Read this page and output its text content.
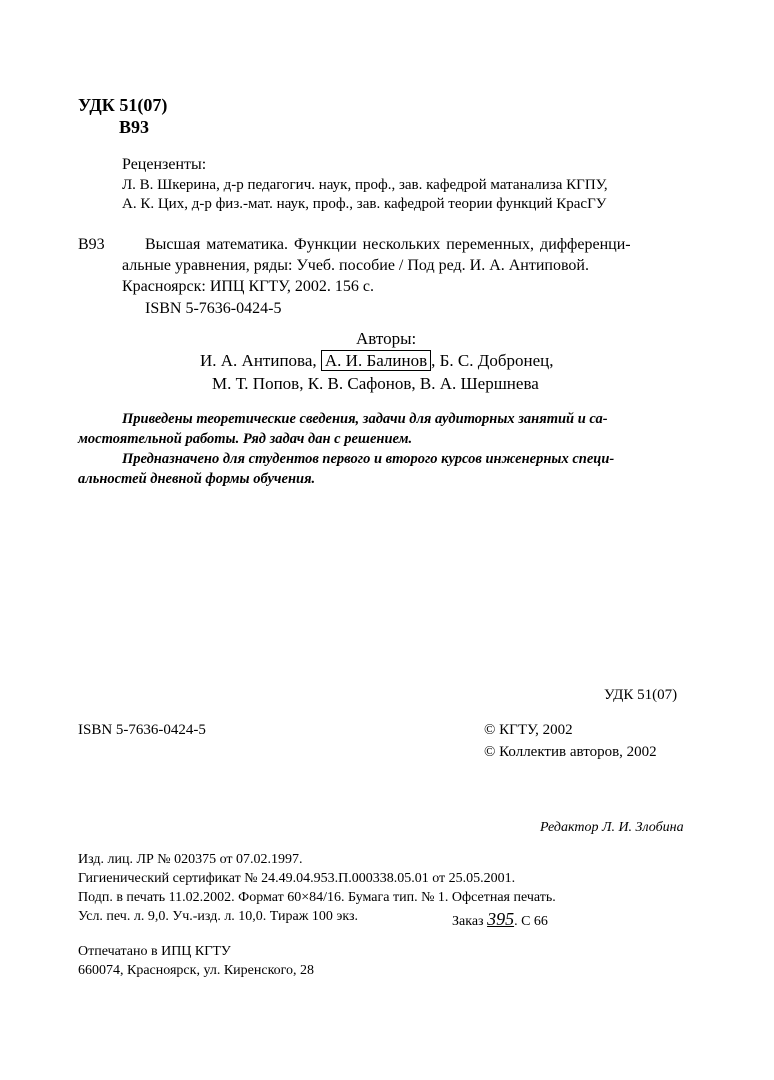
УДК 51(07)
В93
Рецензенты:
Л. В. Шкерина, д-р педагогич. наук, проф., зав. кафедрой матанализа КГПУ,
А. К. Цих, д-р физ.-мат. наук, проф., зав. кафедрой теории функций КрасГУ
В93	Высшая математика. Функции нескольких переменных, дифференци-
альные уравнения, ряды: Учеб. пособие / Под ред. И. А. Антиповой.
Красноярск: ИПЦ КГТУ, 2002. 156 с.
ISBN 5-7636-0424-5
Авторы:
И. А. Антипова, А. И. Балинов , Б. С. Добронец,
М. Т. Попов, К. В. Сафонов, В. А. Шершнева
Приведены теоретические сведения, задачи для аудиторных занятий и са-
мостоятельной работы. Ряд задач дан с решением.
Предназначено для студентов первого и второго курсов инженерных специ-
альностей дневной формы обучения.
УДК 51(07)
ISBN 5-7636-0424-5	© КГТУ, 2002
© Коллектив авторов, 2002
Редактор Л. И. Злобина
Изд. лиц. ЛР № 020375 от 07.02.1997.
Гигиенический сертификат № 24.49.04.953.П.000338.05.01 от 25.05.2001.
Подп. в печать 11.02.2002. Формат 60×84/16. Бумага тип. № 1. Офсетная печать.
Усл. печ. л. 9,0. Уч.-изд. л. 10,0. Тираж 100 экз.	Заказ 395. С 66
Отпечатано в ИПЦ КГТУ
660074, Красноярск, ул. Киренского, 28
